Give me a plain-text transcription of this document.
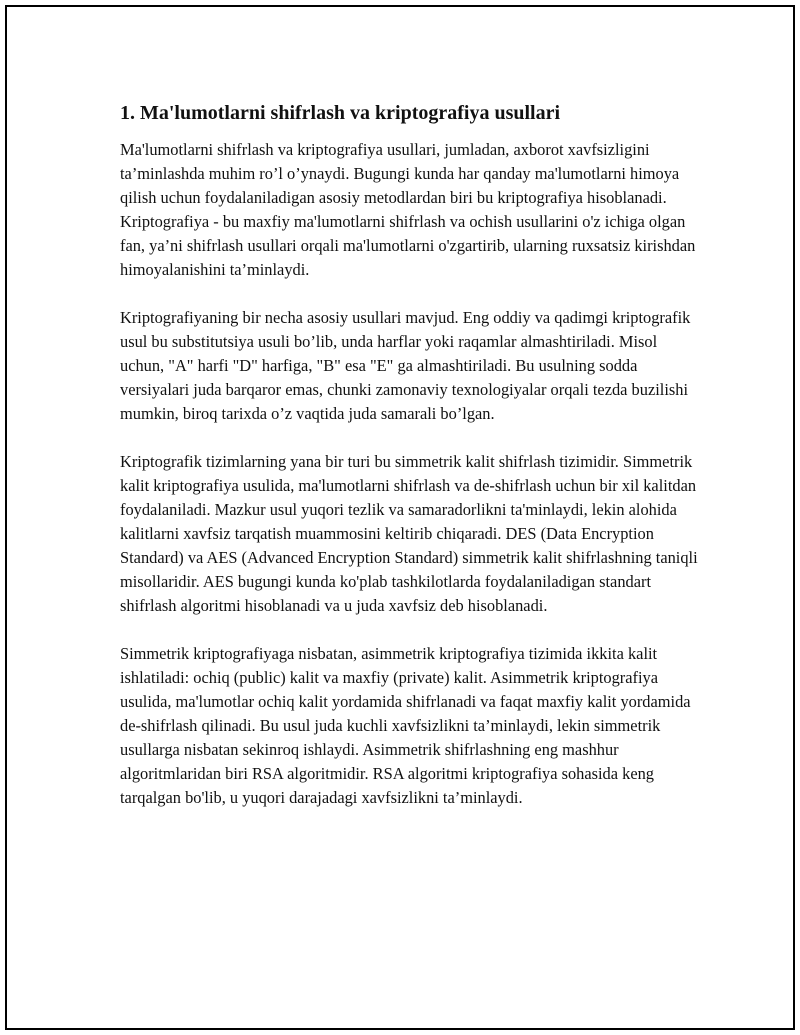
1. Ma'lumotlarni shifrlash va kriptografiya usullari

Ma'lumotlarni shifrlash va kriptografiya usullari, jumladan, axborot xavfsizligini ta’minlashda muhim ro’l o’ynaydi. Bugungi kunda har qanday ma'lumotlarni himoya qilish uchun foydalaniladigan asosiy metodlardan biri bu kriptografiya hisoblanadi. Kriptografiya - bu maxfiy ma'lumotlarni shifrlash va ochish usullarini o'z ichiga olgan fan, ya’ni shifrlash usullari orqali ma'lumotlarni o'zgartirib, ularning ruxsatsiz kirishdan himoyalanishini ta’minlaydi.

Kriptografiyaning bir necha asosiy usullari mavjud. Eng oddiy va qadimgi kriptografik usul bu substitutsiya usuli bo’lib, unda harflar yoki raqamlar almashtiriladi. Misol uchun, "A" harfi "D" harfiga, "B" esa "E" ga almashtiriladi. Bu usulning sodda versiyalari juda barqaror emas, chunki zamonaviy texnologiyalar orqali tezda buzilishi mumkin, biroq tarixda o’z vaqtida juda samarali bo’lgan.

Kriptografik tizimlarning yana bir turi bu simmetrik kalit shifrlash tizimidir. Simmetrik kalit kriptografiya usulida, ma'lumotlarni shifrlash va de-shifrlash uchun bir xil kalitdan foydalaniladi. Mazkur usul yuqori tezlik va samaradorlikni ta'minlaydi, lekin alohida kalitlarni xavfsiz tarqatish muammosini keltirib chiqaradi. DES (Data Encryption Standard) va AES (Advanced Encryption Standard) simmetrik kalit shifrlashning taniqli misollaridir. AES bugungi kunda ko'plab tashkilotlarda foydalaniladigan standart shifrlash algoritmi hisoblanadi va u juda xavfsiz deb hisoblanadi.

Simmetrik kriptografiyaga nisbatan, asimmetrik kriptografiya tizimida ikkita kalit ishlatiladi: ochiq (public) kalit va maxfiy (private) kalit. Asimmetrik kriptografiya usulida, ma'lumotlar ochiq kalit yordamida shifrlanadi va faqat maxfiy kalit yordamida de-shifrlash qilinadi. Bu usul juda kuchli xavfsizlikni ta’minlaydi, lekin simmetrik usullarga nisbatan sekinroq ishlaydi. Asimmetrik shifrlashning eng mashhur algoritmlaridan biri RSA algoritmidir. RSA algoritmi kriptografiya sohasida keng tarqalgan bo'lib, u yuqori darajadagi xavfsizlikni ta’minlaydi.
